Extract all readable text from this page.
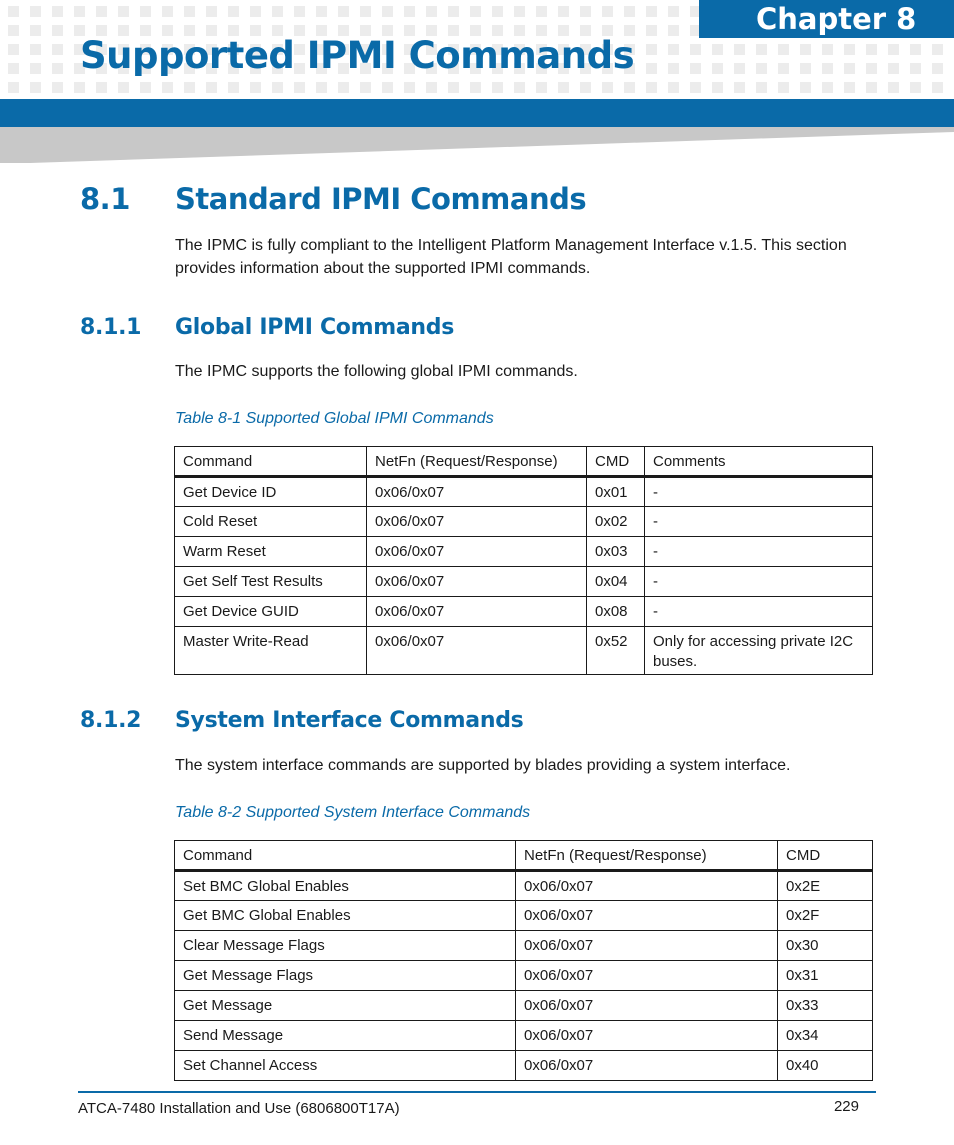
Chapter 8
Supported IPMI Commands
8.1 Standard IPMI Commands

The IPMC is fully compliant to the Intelligent Platform Management Interface v.1.5. This section provides information about the supported IPMI commands.

8.1.1 Global IPMI Commands

The IPMC supports the following global IPMI commands.

Table 8-1 Supported Global IPMI Commands

Command	NetFn (Request/Response)	CMD	Comments
Get Device ID	0x06/0x07	0x01	-
Cold Reset	0x06/0x07	0x02	-
Warm Reset	0x06/0x07	0x03	-
Get Self Test Results	0x06/0x07	0x04	-
Get Device GUID	0x06/0x07	0x08	-
Master Write-Read	0x06/0x07	0x52	Only for accessing private I2C buses.
8.1.2 System Interface Commands

The system interface commands are supported by blades providing a system interface.

Table 8-2 Supported System Interface Commands

Command	NetFn (Request/Response)	CMD
Set BMC Global Enables	0x06/0x07	0x2E
Get BMC Global Enables	0x06/0x07	0x2F
Clear Message Flags	0x06/0x07	0x30
Get Message Flags	0x06/0x07	0x31
Get Message	0x06/0x07	0x33
Send Message	0x06/0x07	0x34
Set Channel Access	0x06/0x07	0x40
ATCA-7480 Installation and Use (6806800T17A)	229
